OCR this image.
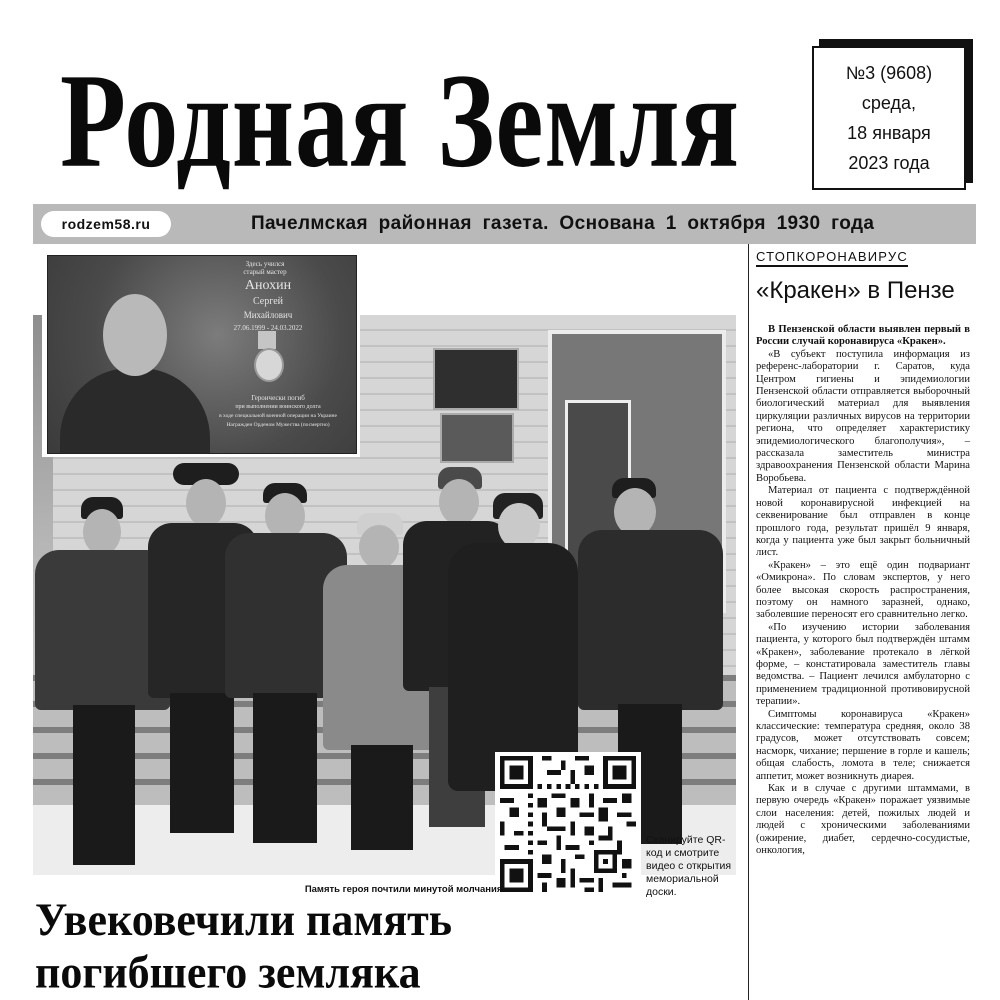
Родная Земля	№3 (9608)
среда,
18 января
2023 года
rodzem58.ru	Пачелмская районная газета. Основана 1 октября 1930 года
Здесь учился
старый мастер
Анохин
Сергей
Михайлович
27.06.1999 - 24.03.2022
Героически погиб
при выполнении воинского долга
в ходе специальной военной операции на Украине
Награжден Орденом Мужества (посмертно)
Сканируйте QR-код и смотрите видео с открытия мемориальной доски.
Память героя почтили минутой молчания.
Увековечили память
погибшего земляка
СТОПКОРОНАВИРУС
«Кракен» в Пензе

В Пензенской области выявлен первый в России случай коронавируса «Кракен».

«В субъект поступила информация из референс-лаборатории г. Саратов, куда Центром гигиены и эпидемиологии Пензенской области отправляется выборочный биологический материал для выявления циркуляции различных вирусов на территории региона, что определяет характеристику эпидемиологического благополучия», – рассказала заместитель министра здравоохранения Пензенской области Марина Воробьева.

Материал от пациента с подтверждённой новой коронавирусной инфекцией на секвенирование был отправлен в конце прошлого года, результат пришёл 9 января, когда у пациента уже был закрыт больничный лист.

«Кракен» – это ещё один подвариант «Омикрона». По словам экспертов, у него более высокая скорость распространения, поэтому он намного заразней, однако, заболевшие переносят его сравнительно легко.

«По изучению истории заболевания пациента, у которого был подтверждён штамм «Кракен», заболевание протекало в лёгкой форме, – констатировала заместитель главы ведомства. – Пациент лечился амбулаторно с применением традиционной противовирусной терапии».

Симптомы коронавируса «Кракен» классические: температура средняя, около 38 градусов, может отсутствовать совсем; насморк, чихание; першение в горле и кашель; общая слабость, ломота в теле; снижается аппетит, может возникнуть диарея.

Как и в случае с другими штаммами, в первую очередь «Кракен» поражает уязвимые слои населения: детей, пожилых людей и людей с хроническими заболеваниями (ожирение, диабет, сердечно-сосудистые, онкология,
